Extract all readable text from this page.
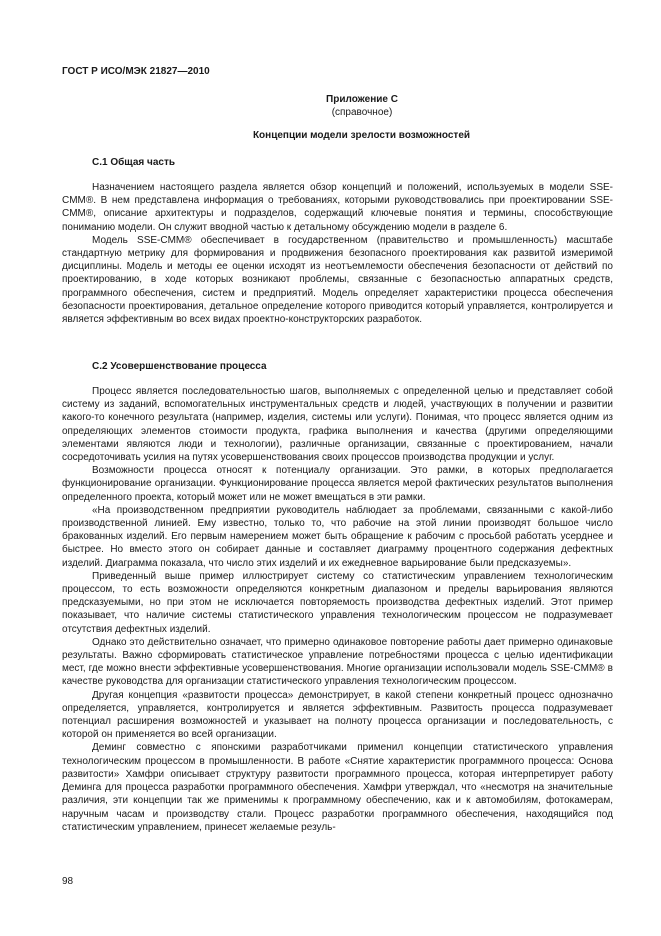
ГОСТ Р ИСО/МЭК 21827—2010
Приложение C
(справочное)
Концепции модели зрелости возможностей
C.1 Общая часть

Назначением настоящего раздела является обзор концепций и положений, используемых в модели SSE-CMM®. В нем представлена информация о требованиях, которыми руководствовались при проектировании SSE-CMM®, описание архитектуры и подразделов, содержащий ключевые понятия и термины, способствующие пониманию модели. Он служит вводной частью к детальному обсуждению модели в разделе 6.

Модель SSE-CMM® обеспечивает в государственном (правительство и промышленность) масштабе стандартную метрику для формирования и продвижения безопасного проектирования как развитой измеримой дисциплины. Модель и методы ее оценки исходят из неотъемлемости обеспечения безопасности от действий по проектированию, в ходе которых возникают проблемы, связанные с безопасностью аппаратных средств, программного обеспечения, систем и предприятий. Модель определяет характеристики процесса обеспечения безопасности проектирования, детальное определение которого приводится который управляется, контролируется и является эффективным во всех видах проектно-конструкторских разработок.

C.2 Усовершенствование процесса

Процесс является последовательностью шагов, выполняемых с определенной целью и представляет собой систему из заданий, вспомогательных инструментальных средств и людей, участвующих в получении и развитии какого-то конечного результата (например, изделия, системы или услуги). Понимая, что процесс является одним из определяющих элементов стоимости продукта, графика выполнения и качества (другими определяющими элементами являются люди и технологии), различные организации, связанные с проектированием, начали сосредоточивать усилия на путях усовершенствования своих процессов производства продукции и услуг.

Возможности процесса относят к потенциалу организации. Это рамки, в которых предполагается функционирование организации. Функционирование процесса является мерой фактических результатов выполнения определенного проекта, который может или не может вмещаться в эти рамки.

«На производственном предприятии руководитель наблюдает за проблемами, связанными с какой-либо производственной линией. Ему известно, только то, что рабочие на этой линии производят большое число бракованных изделий. Его первым намерением может быть обращение к рабочим с просьбой работать усерднее и быстрее. Но вместо этого он собирает данные и составляет диаграмму процентного содержания дефектных изделий. Диаграмма показала, что число этих изделий и их ежедневное варьирование были предсказуемы».

Приведенный выше пример иллюстрирует систему со статистическим управлением технологическим процессом, то есть возможности определяются конкретным диапазоном и пределы варьирования являются предсказуемыми, но при этом не исключается повторяемость производства дефектных изделий. Этот пример показывает, что наличие системы статистического управления технологическим процессом не подразумевает отсутствия дефектных изделий.

Однако это действительно означает, что примерно одинаковое повторение работы дает примерно одинаковые результаты. Важно сформировать статистическое управление потребностями процесса с целью идентификации мест, где можно внести эффективные усовершенствования. Многие организации использовали модель SSE-CMM® в качестве руководства для организации статистического управления технологическим процессом.

Другая концепция «развитости процесса» демонстрирует, в какой степени конкретный процесс однозначно определяется, управляется, контролируется и является эффективным. Развитость процесса подразумевает потенциал расширения возможностей и указывает на полноту процесса организации и последовательность, с которой он применяется во всей организации.

Деминг совместно с японскими разработчиками применил концепции статистического управления технологическим процессом в промышленности. В работе «Снятие характеристик программного процесса: Основа развитости» Хамфри описывает структуру развитости программного процесса, которая интерпретирует работу Деминга для процесса разработки программного обеспечения. Хамфри утверждал, что «несмотря на значительные различия, эти концепции так же применимы к программному обеспечению, как и к автомобилям, фотокамерам, наручным часам и производству стали. Процесс разработки программного обеспечения, находящийся под статистическим управлением, принесет желаемые резуль-

98
